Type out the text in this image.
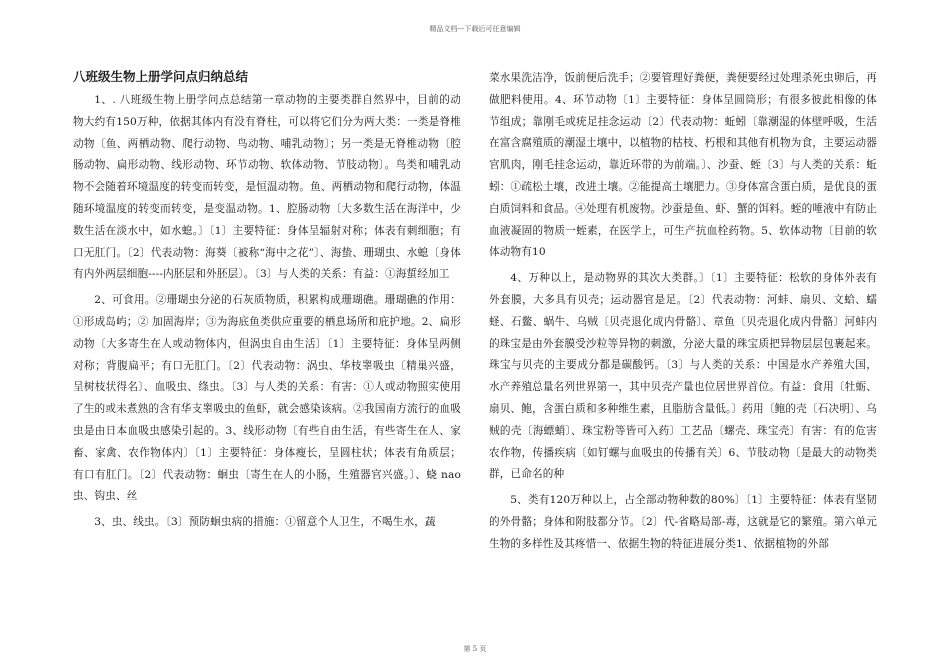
精品文档---下载后可任意编辑
八班级生物上册学问点归纳总结

1、. 八班级生物上册学问点总结第一章动物的主要类群自然界中，目前的动物大约有150万种，依据其体内有没有脊柱，可以将它们分为两大类：一类是脊椎动物〔鱼、两栖动物、爬行动物、鸟动物、哺乳动物〕；另一类是无脊椎动物〔腔肠动物、扁形动物、线形动物、环节动物、软体动物、节肢动物〕。鸟类和哺乳动物不会随着环境温度的转变而转变，是恒温动物。鱼、两栖动物和爬行动物，体温随环境温度的转变而转变，是变温动物。1、腔肠动物〔大多数生活在海洋中，少数生活在淡水中，如水螅。〕〔1〕主要特征：身体呈辐射对称；体表有刺细胞；有口无肛门。〔2〕代表动物：海葵〔被称“海中之花”〕、海蛰、珊瑚虫、水螅〔身体有内外两层细胞----内胚层和外胚层〕。〔3〕与人类的关系：有益：①海蜇经加工

2、可食用。②珊瑚虫分泌的石灰质物质，积累构成珊瑚礁。珊瑚礁的作用：①形成岛屿；② 加固海岸；③为海底鱼类供应重要的栖息场所和庇护地。2、扁形动物〔大多寄生在人或动物体内，但涡虫自由生活〕〔1〕主要特征：身体呈两侧对称；背腹扁平；有口无肛门。〔2〕代表动物：涡虫、华枝睾吸虫〔精巢兴盛，呈树枝状得名〕、血吸虫、绦虫。〔3〕与人类的关系：有害：①人或动物照实使用了生的或未煮熟的含有华支睾吸虫的鱼虾，就会感染该病。②我国南方流行的血吸虫是由日本血吸虫感染引起的。3、线形动物〔有些自由生活，有些寄生在人、家畜、家禽、农作物体内〕〔1〕主要特征：身体瘦长，呈圆柱状；体表有角质层；有口有肛门。〔2〕代表动物：蛔虫〔寄生在人的小肠，生殖器官兴盛。〕、蛲 nao 虫、钩虫、丝

3、虫、线虫。〔3〕预防蛔虫病的措施：①留意个人卫生，不喝生水，蔬

菜水果洗洁净，饭前便后洗手；②要管理好粪便，粪便要经过处理杀死虫卵后，再做肥料使用。4、环节动物〔1〕主要特征：身体呈圆筒形；有很多彼此相像的体节组成；靠刚毛或疣足挂念运动〔2〕代表动物：蚯蚓〔靠潮湿的体壁呼吸，生活在富含腐殖质的潮湿土壤中，以植物的枯枝、朽根和其他有机物为食，主要运动器官肌肉，刚毛挂念运动，靠近环带的为前端。〕、沙蚕、蛭〔3〕与人类的关系：蚯蚓：①疏松土壤，改进土壤。②能提高土壤肥力。③身体富含蛋白质，是优良的蛋白质饲料和食品。④处理有机废物。沙蚕是鱼、虾、蟹的饵料。蛭的唾液中有防止血液凝固的物质一蛭素，在医学上，可生产抗血栓药物。5、软体动物〔目前的软体动物有10

4、万种以上，是动物界的其次大类群。〕〔1〕主要特征：松软的身体外表有外套膜，大多具有贝壳；运动器官是足。〔2〕代表动物：河蚌、扇贝、文蛤、蠕蛏、石鳖、蜗牛、乌贼〔贝壳退化成内骨骼〕、章鱼〔贝壳退化成内骨骼〕河蚌内的珠宝是由外套膜受沙粒等异物的刺激，分泌大量的珠宝质把异物层层包裹起来。珠宝与贝壳的主要成分都是碳酸钙。〔3〕与人类的关系：中国是水产养殖大国，水产养殖总量名列世界第一，其中贝壳产量也位居世界首位。有益：食用〔牡蛎、扇贝、鲍，含蛋白质和多种维生素，且脂肪含量低。〕药用〔鲍的壳〔石决明〕、乌贼的壳〔海螵蛸〕、珠宝粉等皆可入药〕工艺品〔螺壳、珠宝壳〕有害：有的危害农作物，传播疾病〔如钉螺与血吸虫的传播有关〕6、节肢动物〔是最大的动物类群，已命名的种

5、类有120万种以上，占全部动物种数的80%〕〔1〕主要特征：体表有坚韧的外骨骼；身体和附肢都分节。〔2〕代-省略局部-毒，这就是它的繁殖。第六单元生物的多样性及其疼惜一、依据生物的特征进展分类1、依据植物的外部

第 5 页
